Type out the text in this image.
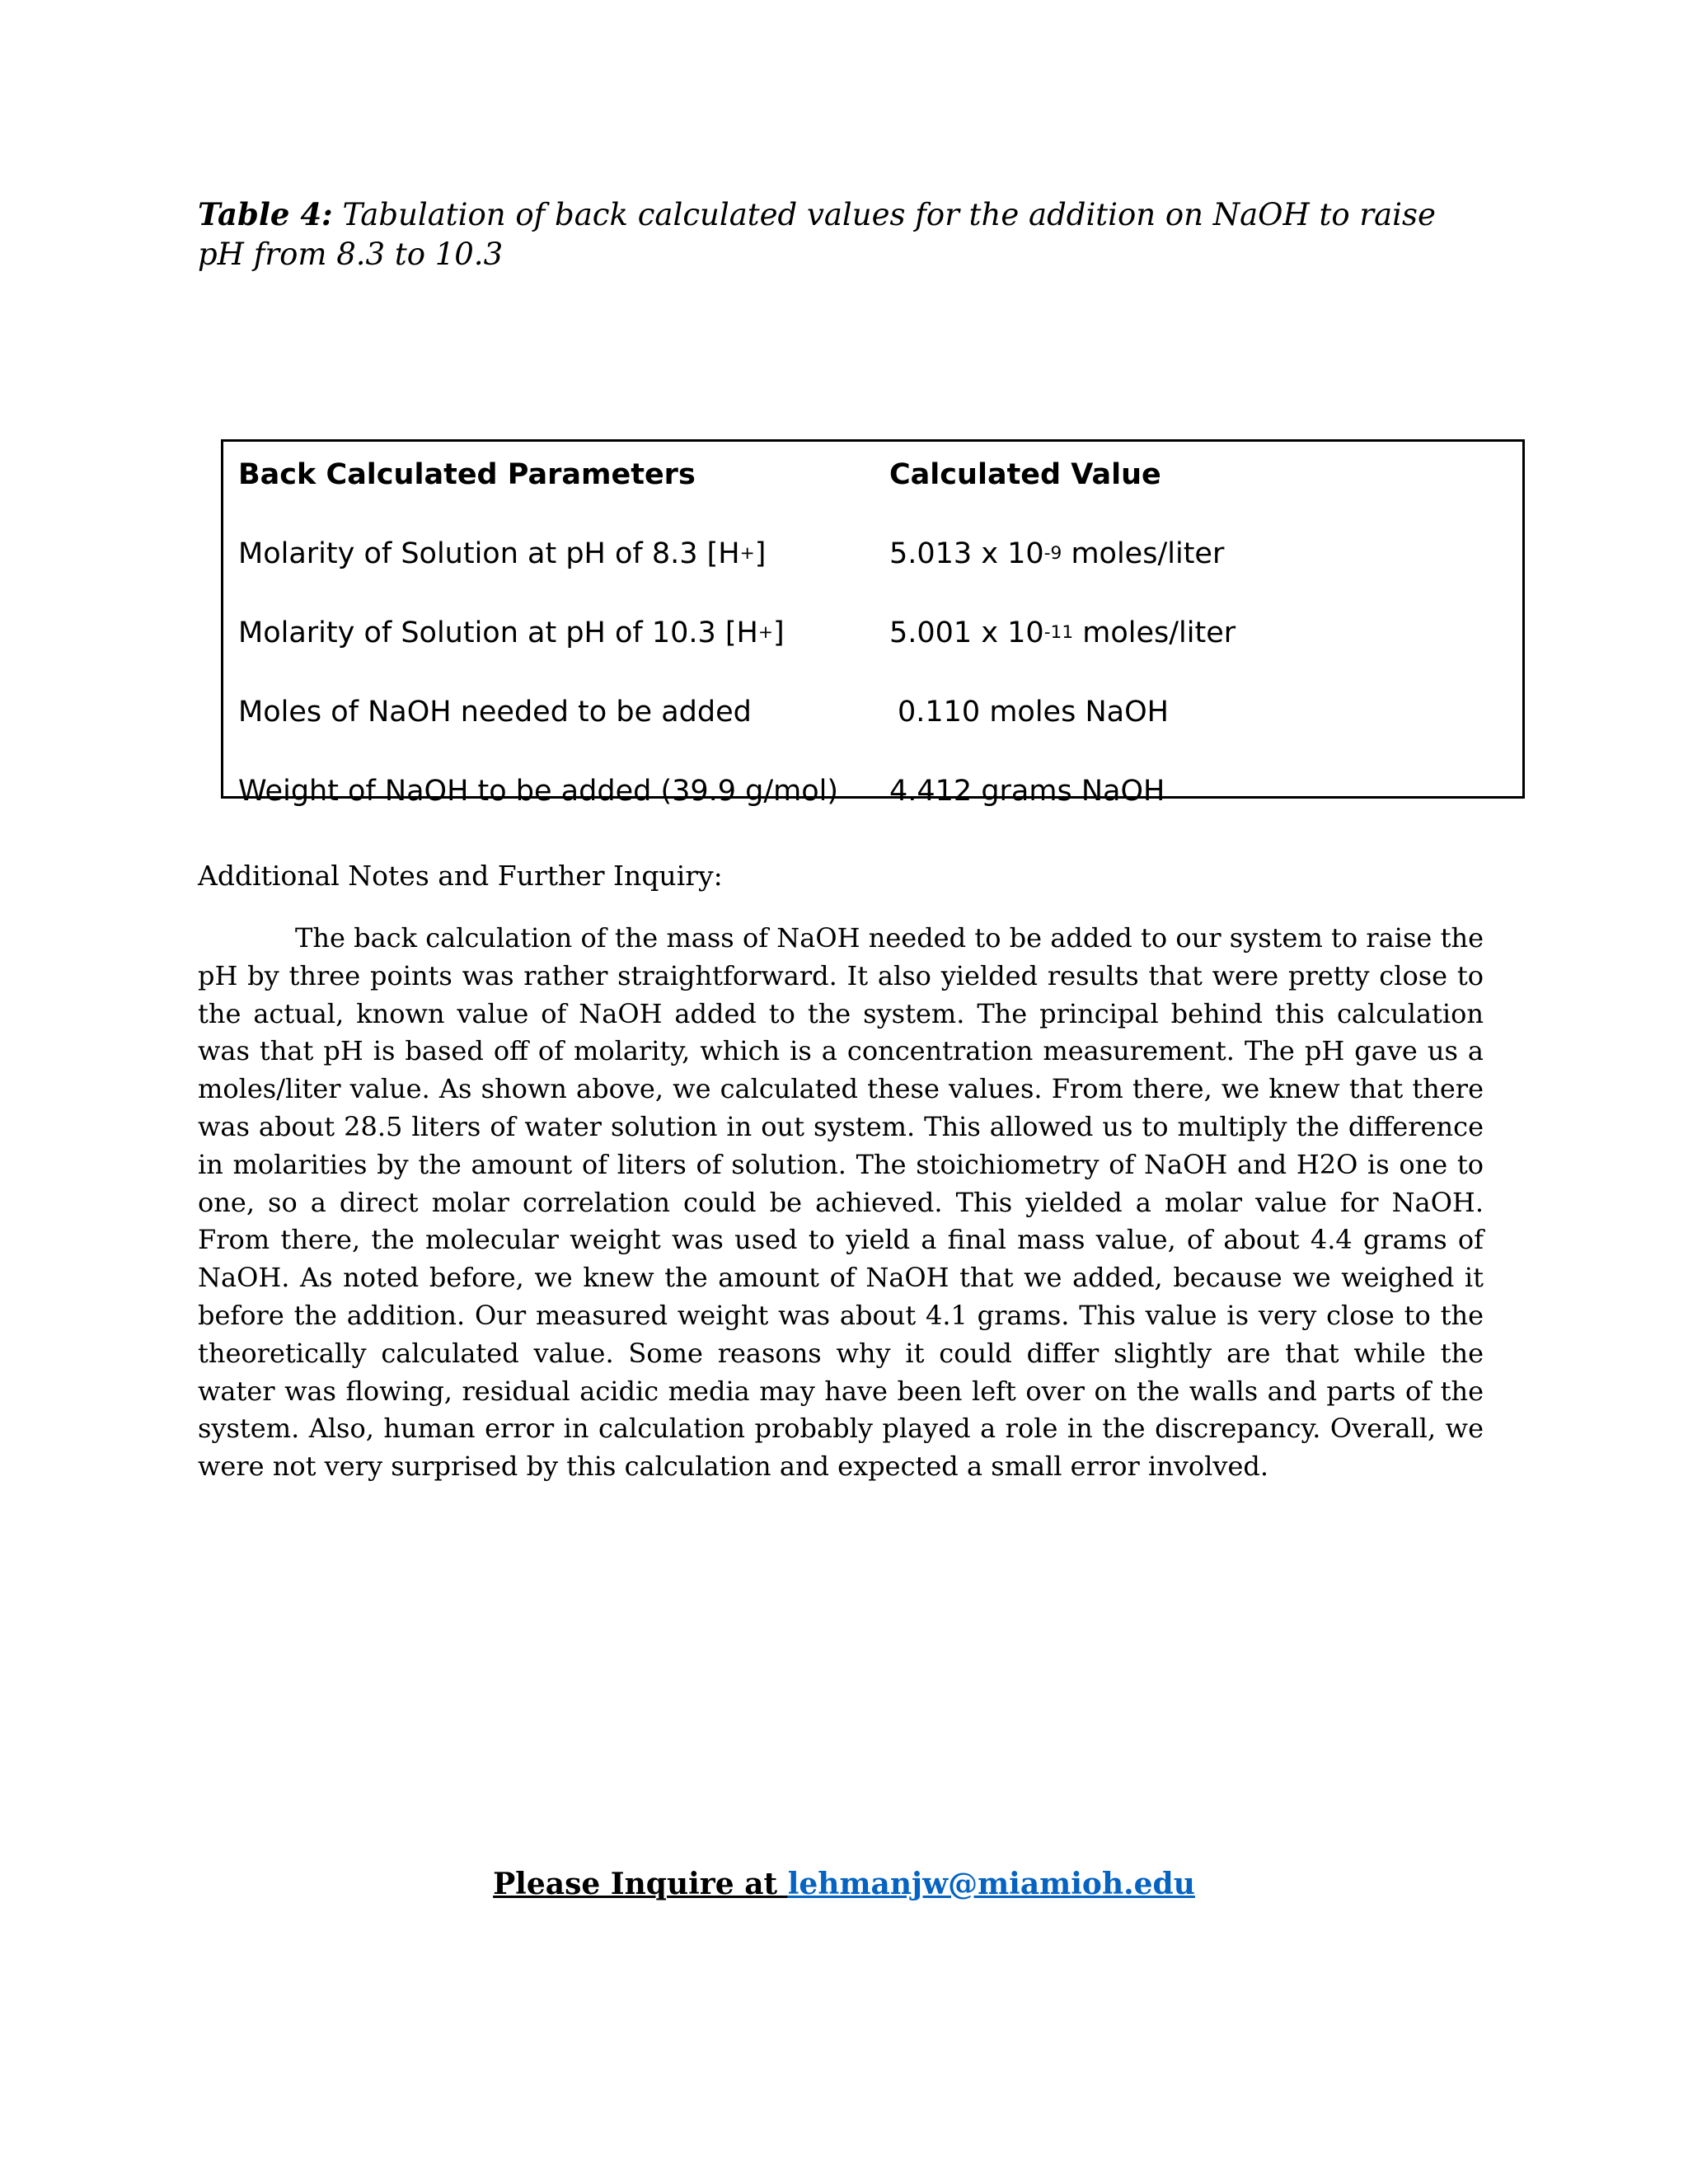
Table 4: Tabulation of back calculated values for the addition on NaOH to raise pH from 8.3 to 10.3
Back Calculated Parameters	Calculated Value
Molarity of Solution at pH of 8.3 [H+]	5.013 x $10^{-9}$ moles/liter
Molarity of Solution at pH of 10.3 [H+]	5.001 x $10^{-11}$ moles/liter
Moles of NaOH needed to be added	0.110 moles NaOH
Weight of NaOH to be added (39.9 g/mol) 4.412 grams NaOH
Additional Notes and Further Inquiry:

The back calculation of the mass of NaOH needed to be added to our system to raise the pH by three points was rather straightforward. It also yielded results that were pretty close to the actual, known value of NaOH added to the system. The principal behind this calculation was that pH is based off of molarity, which is a concentration measurement. The pH gave us a moles/liter value. As shown above, we calculated these values. From there, we knew that there was about 28.5 liters of water solution in out system. This allowed us to multiply the difference in molarities by the amount of liters of solution. The stoichiometry of NaOH and H2O is one to one, so a direct molar correlation could be achieved. This yielded a molar value for NaOH. From there, the molecular weight was used to yield a final mass value, of about 4.4 grams of NaOH. As noted before, we knew the amount of NaOH that we added, because we weighed it before the addition. Our measured weight was about 4.1 grams. This value is very close to the theoretically calculated value. Some reasons why it could differ slightly are that while the water was flowing, residual acidic media may have been left over on the walls and parts of the system. Also, human error in calculation probably played a role in the discrepancy. Overall, we were not very surprised by this calculation and expected a small error involved.

Please Inquire at lehmanjw@miamioh.edu
